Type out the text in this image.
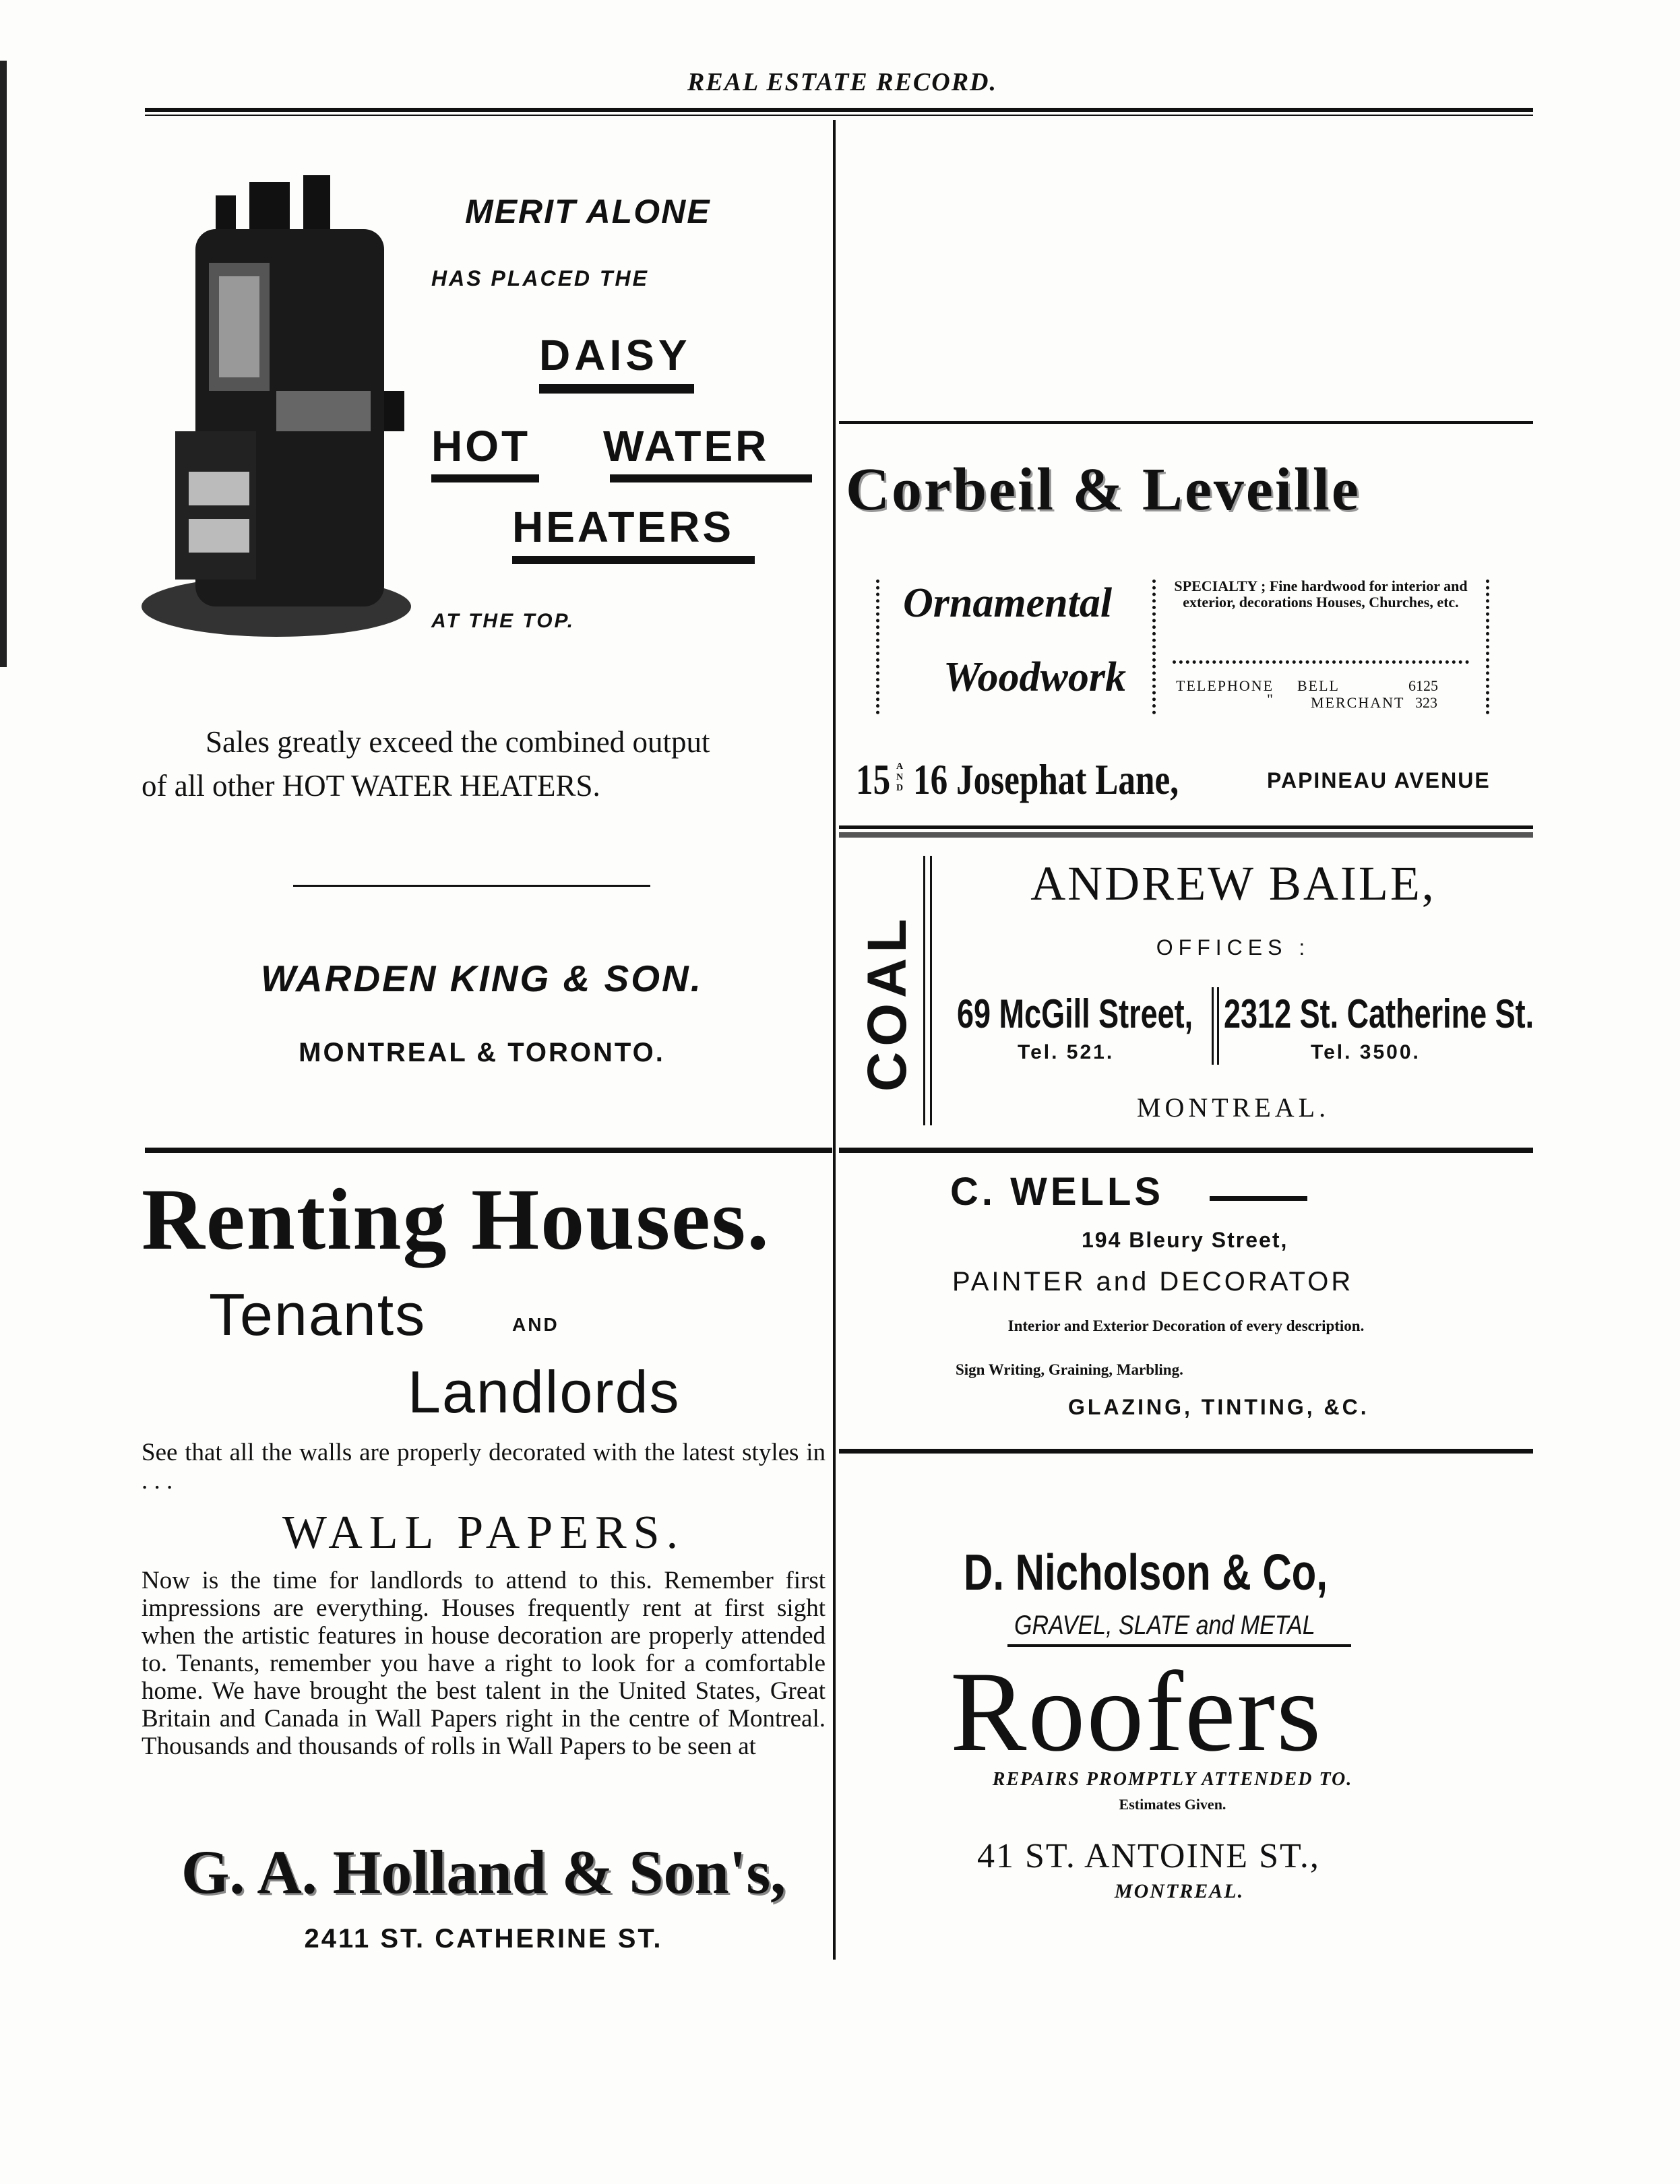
REAL ESTATE RECORD.
MERIT ALONE
HAS PLACED THE
DAISY
HOT WATER
HEATERS
AT THE TOP.
Sales greatly exceed the combined output
of all other HOT WATER HEATERS.
WARDEN KING & SON.
MONTREAL & TORONTO.
Corbeil & Leveille
Ornamental
Woodwork
SPECIALTY ; Fine hardwood for interior and exterior, decorations Houses, Churches, etc.
TELEPHONE BELL	6125
"	MERCHANT 323
15 AND 16 Josephat Lane,	PAPINEAU AVENUE
COAL
ANDREW BAILE,
OFFICES :
69 McGill Street, 2312 St. Catherine St.
Tel. 521.	Tel. 3500.
MONTREAL.
Renting Houses.
Tenants	AND
Landlords
See that all the walls are properly decorated with the latest styles in . . .
WALL PAPERS.
Now is the time for landlords to attend to this. Remember first impressions are everything. Houses frequently rent at first sight when the artistic features in house decoration are properly attended to. Tenants, remember you have a right to look for a comfortable home. We have brought the best talent in the United States, Great Britain and Canada in Wall Papers right in the centre of Montreal. Thousands and thousands of rolls in Wall Papers to be seen at
G. A. Holland & Son's,
2411 ST. CATHERINE ST.
C. WELLS
194 Bleury Street,
PAINTER and DECORATOR
Interior and Exterior Decoration of every description.
Sign Writing, Graining, Marbling.
GLAZING, TINTING, &C.
D. Nicholson & Co,
GRAVEL, SLATE and METAL
Roofers
REPAIRS PROMPTLY ATTENDED TO.
Estimates Given.
41 ST. ANTOINE ST.,
MONTREAL.
